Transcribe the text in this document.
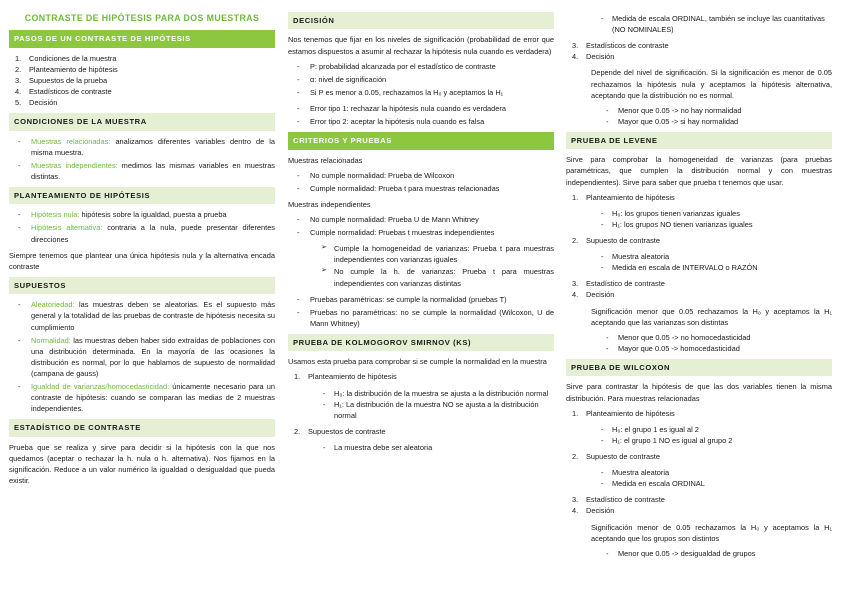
CONTRASTE DE HIPÓTESIS PARA DOS MUESTRAS
PASOS DE UN CONTRASTE DE HIPÓTESIS
1. Condiciones de la muestra
2. Planteamiento de hipótesis
3. Supuestos de la prueba
4. Estadísticos de contraste
5. Decisión
CONDICIONES DE LA MUESTRA
- Muestras relacionadas: analizamos diferentes variables dentro de la misma muestra.
- Muestras independientes: medimos las mismas variables en muestras distintas.
PLANTEAMIENTO DE HIPÓTESIS
- Hipótesis nula: hipótesis sobre la igualdad, puesta a prueba
- Hipótesis alternativa: contraria a la nula, puede presentar diferentes direcciones

Siempre tenemos que plantear una única hipótesis nula y la alternativa encada contraste

SUPUESTOS
- Aleatoriedad: las muestras deben se aleatorias. Es el supuesto más general y la totalidad de las pruebas de contraste de hipótesis necesita su cumplimiento
- Normalidad: las muestras deben haber sido extraídas de poblaciones con una distribución determinada. En la mayoría de las ocasiones la distribución es normal, por lo que hablamos de supuesto de normalidad (campana de gauss)
- Igualdad de varianzas/homocedasticidad: únicamente necesario para un contraste de hipótesis: cuando se comparan las medias de 2 muestras independientes.
ESTADÍSTICO DE CONTRASTE

Prueba que se realiza y sirve para decidir si la hipótesis con la que nos quedamos (aceptar o rechazar la h. nula o h. alternativa). Nos fijamos en la significación. Reduce a un valor numérico la igualdad o desigualdad que pueda existir.

DECISIÓN

Nos tenemos que fijar en los niveles de significación (probabilidad de error que estamos dispuestos a asumir al rechazar la hipótesis nula cuando es verdadera)

- P: probabilidad alcanzada por el estadístico de contraste
- α: nivel de significación
- Si P es menor a 0.05, rechazamos la H₀ y aceptamos la H₁
- Error tipo 1: rechazar la hipótesis nula cuando es verdadera
- Error tipo 2: aceptar la hipótesis nula cuando es falsa
CRITERIOS Y PRUEBAS

Muestras relacionadas

- No cumple normalidad: Prueba de Wilcoxon
- Cumple normalidad: Prueba t para muestras relacionadas

Muestras independientes

- No cumple normalidad: Prueba U de Mann Whitney
- Cumple normalidad: Pruebas t muestras independientes
➢ Cumple la homogeneidad de varianzas: Prueba t para muestras independientes con varianzas iguales
➢ No cumple la h. de varianzas: Prueba t para muestras independientes con varianzas distintas
- Pruebas paramétricas: se cumple la normalidad (pruebas T)
- Pruebas no paramétricas: no se cumple la normalidad (Wilcoxon, U de Mann Whitney)
PRUEBA DE KOLMOGOROV SMIRNOV (KS)

Usamos esta prueba para comprobar si se cumple la normalidad en la muestra

1. Planteamiento de hipótesis
- H₀: la distribución de la muestra se ajusta a la distribución normal
- H₁: La distribución de la muestra NO se ajusta a la distribución normal
2. Supuestos de contraste
- La muestra debe ser aleatoria
- Medida de escala ORDINAL, también se incluye las cuantitativas (NO NOMINALES)
3. Estadísticos de contraste
4. Decisión

Depende del nivel de significación. Si la significación es menor de 0.05 rechazamos la hipótesis nula y aceptamos la hipótesis alternativa, aceptando que la distribución no es normal.

- Menor que 0.05 -> no hay normalidad
- Mayor que 0.05 -> si hay normalidad
PRUEBA DE LEVENE

Sirve para comprobar la homogeneidad de varianzas (para pruebas paramétricas, que cumplen la distribución normal y con muestras independientes). Sirve para saber que prueba t tenemos que usar.

1. Planteamiento de hipótesis
- H₀: los grupos tienen varianzas iguales
- H₁: los grupos NO tienen varianzas iguales
2. Supuesto de contraste
- Muestra aleatoria
- Medida en escala de INTERVALO o RAZÓN
3. Estadístico de contraste
4. Decisión

Significación menor que 0.05 rechazamos la H₀ y aceptamos la H₁ aceptando que las varianzas son distintas

- Menor que 0.05 -> no homocedasticidad
- Mayor que 0.05 -> homocedasticidad
PRUEBA DE WILCOXON

Sirve para contrastar la hipótesis de que las dos variables tienen la misma distribución. Para muestras relacionadas

1. Planteamiento de hipótesis
- H₀: el grupo 1 es igual al 2
- H₁: el grupo 1 NO es igual al grupo 2
2. Supuesto de contraste
- Muestra aleatoria
- Medida en escala ORDINAL
3. Estadístico de contraste
4. Decisión

Significación menor de 0.05 rechazamos la H₀ y aceptamos la H₁ aceptando que los grupos son distintos

- Menor que 0.05 -> desigualdad de grupos
